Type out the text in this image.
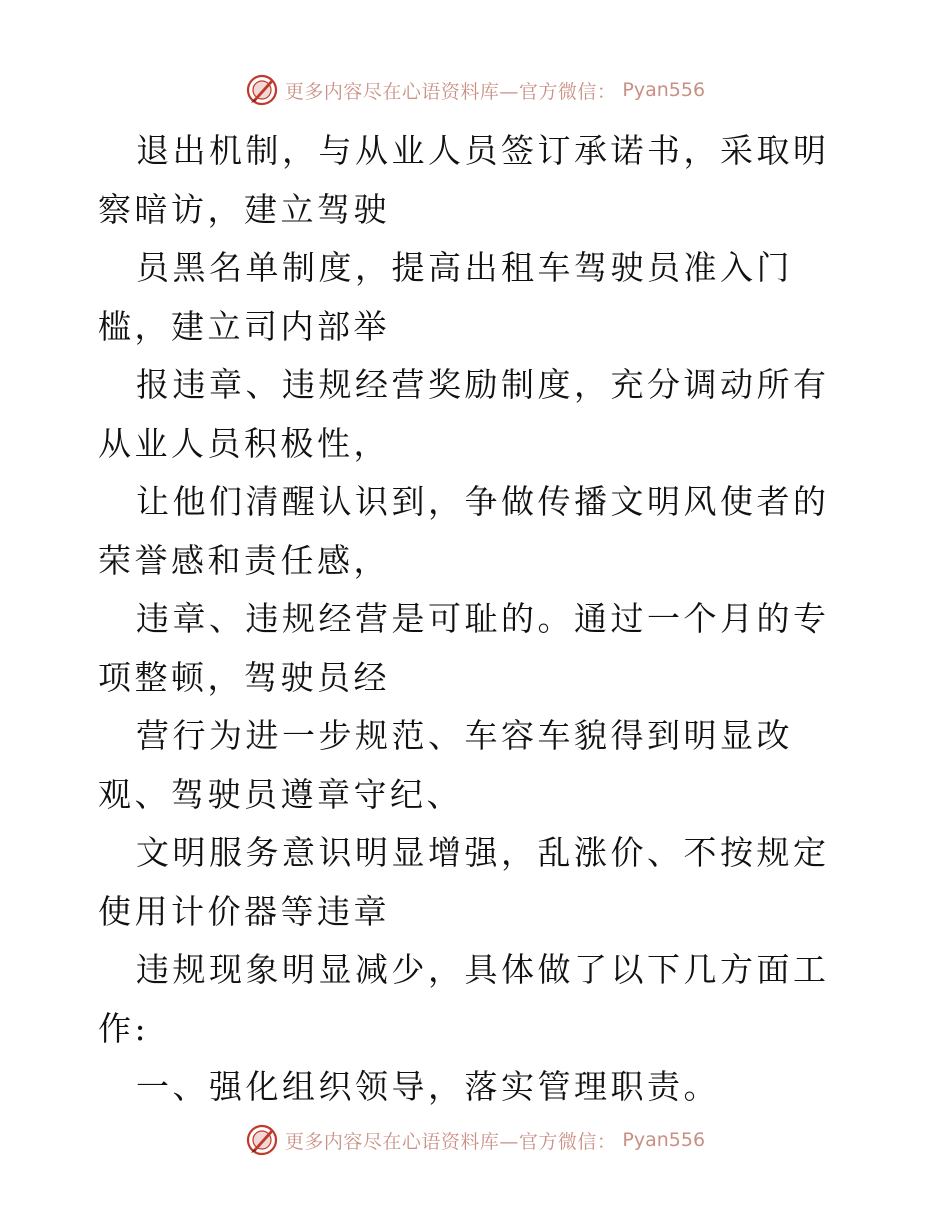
更多内容尽在心语资料库—官方微信： Pyan556

退出机制，与从业人员签订承诺书，采取明察暗访，建立驾驶

员黑名单制度，提高出租车驾驶员准入门槛，建立司内部举

报违章、违规经营奖励制度，充分调动所有从业人员积极性，

让他们清醒认识到，争做传播文明风使者的荣誉感和责任感，

违章、违规经营是可耻的。通过一个月的专项整顿，驾驶员经

营行为进一步规范、车容车貌得到明显改观、驾驶员遵章守纪、

文明服务意识明显增强，乱涨价、不按规定使用计价器等违章

违规现象明显减少，具体做了以下几方面工作:

一、强化组织领导，落实管理职责。

更多内容尽在心语资料库—官方微信： Pyan556
